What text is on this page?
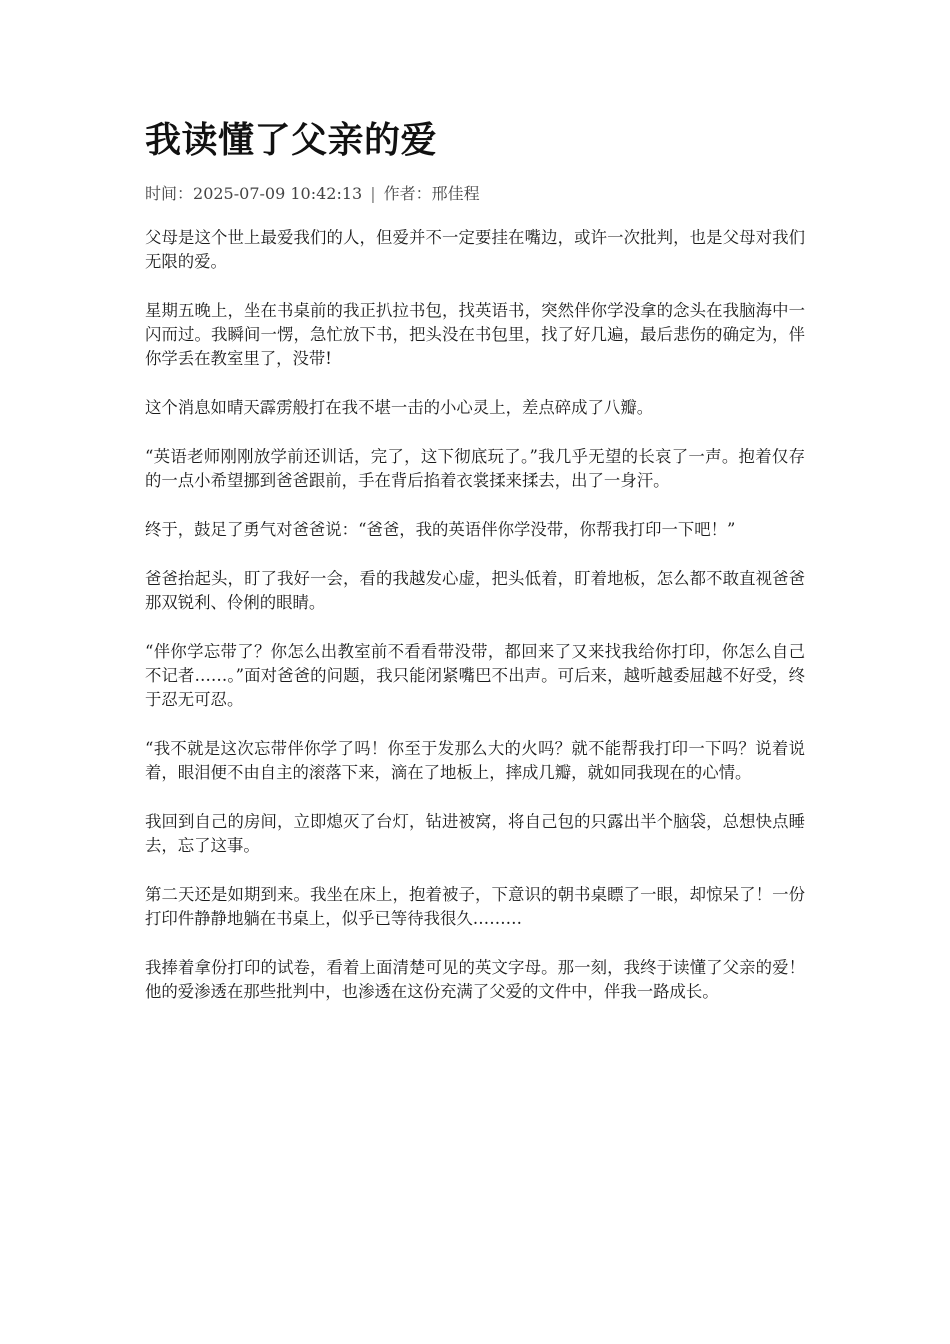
我读懂了父亲的爱
时间：2025-07-09 10:42:13 | 作者：邢佳程

父母是这个世上最爱我们的人，但爱并不一定要挂在嘴边，或许一次批判，也是父母对我们无限的爱。

星期五晚上，坐在书桌前的我正扒拉书包，找英语书，突然伴你学没拿的念头在我脑海中一闪而过。我瞬间一愣，急忙放下书，把头没在书包里，找了好几遍，最后悲伤的确定为，伴你学丢在教室里了，没带!

这个消息如晴天霹雳般打在我不堪一击的小心灵上，差点碎成了八瓣。

“英语老师刚刚放学前还训话，完了，这下彻底玩了。”我几乎无望的长哀了一声。抱着仅存的一点小希望挪到爸爸跟前，手在背后掐着衣裳揉来揉去，出了一身汗。

终于，鼓足了勇气对爸爸说：“爸爸，我的英语伴你学没带，你帮我打印一下吧！”

爸爸抬起头，盯了我好一会，看的我越发心虚，把头低着，盯着地板，怎么都不敢直视爸爸那双锐利、伶俐的眼睛。

“伴你学忘带了？你怎么出教室前不看看带没带，都回来了又来找我给你打印，你怎么自己不记者……。”面对爸爸的问题，我只能闭紧嘴巴不出声。可后来，越听越委屈越不好受，终于忍无可忍。

“我不就是这次忘带伴你学了吗！你至于发那么大的火吗？就不能帮我打印一下吗？说着说着，眼泪便不由自主的滚落下来，滴在了地板上，摔成几瓣，就如同我现在的心情。

我回到自己的房间，立即熄灭了台灯，钻进被窝，将自己包的只露出半个脑袋，总想快点睡去，忘了这事。

第二天还是如期到来。我坐在床上，抱着被子，下意识的朝书桌瞟了一眼，却惊呆了！一份打印件静静地躺在书桌上，似乎已等待我很久………

我捧着拿份打印的试卷，看着上面清楚可见的英文字母。那一刻，我终于读懂了父亲的爱！他的爱渗透在那些批判中，也渗透在这份充满了父爱的文件中，伴我一路成长。
